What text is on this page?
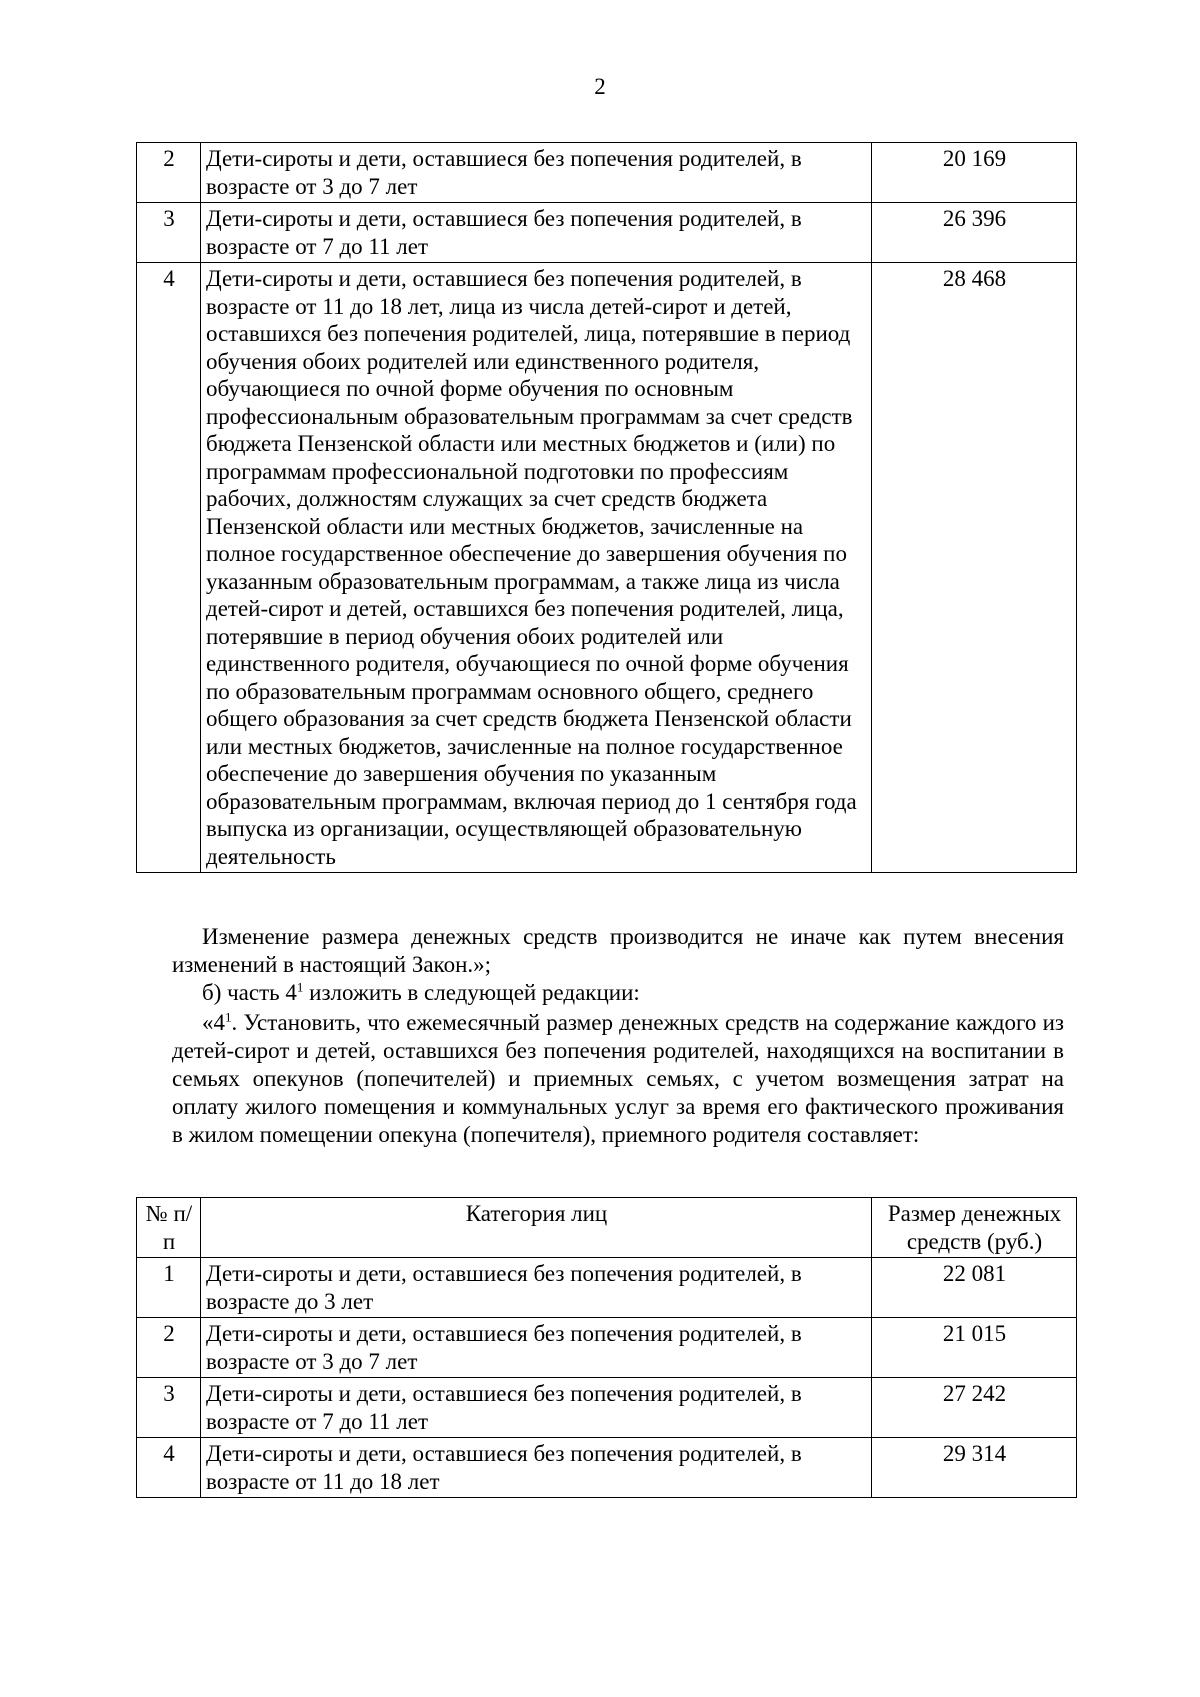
2
2	Дети-сироты и дети, оставшиеся без попечения родителей, в возрасте от 3 до 7 лет	20 169
3	Дети-сироты и дети, оставшиеся без попечения родителей, в возрасте от 7 до 11 лет	26 396
4	Дети-сироты и дети, оставшиеся без попечения родителей, в возрасте от 11 до 18 лет, лица из числа детей-сирот и детей, оставшихся без попечения родителей, лица, потерявшие в период обучения обоих родителей или единственного родителя, обучающиеся по очной форме обучения по основным профессиональным образовательным программам за счет средств бюджета Пензенской области или местных бюджетов и (или) по программам профессиональной подготовки по профессиям рабочих, должностям служащих за счет средств бюджета Пензенской области или местных бюджетов, зачисленные на полное государственное обеспечение до завершения обучения по указанным образовательным программам, а также лица из числа детей-сирот и детей, оставшихся без попечения родителей, лица, потерявшие в период обучения обоих родителей или единственного родителя, обучающиеся по очной форме обучения по образовательным программам основного общего, среднего общего образования за счет средств бюджета Пензенской области или местных бюджетов, зачисленные на полное государственное обеспечение до завершения обучения по указанным образовательным программам, включая период до 1 сентября года выпуска из организации, осуществляющей образовательную деятельность	28 468

Изменение размера денежных средств производится не иначе как путем внесения изменений в настоящий Закон.»;

б) часть $4^1$ изложить в следующей редакции:

«$4^1$. Установить, что ежемесячный размер денежных средств на содержание каждого из детей-сирот и детей, оставшихся без попечения родителей, находящихся на воспитании в семьях опекунов (попечителей) и приемных семьях, с учетом возмещения затрат на оплату жилого помещения и коммунальных услуг за время его фактического проживания в жилом помещении опекуна (попечителя), приемного родителя составляет:

№ п/п	Категория лиц	Размер денежных средств (руб.)
1	Дети-сироты и дети, оставшиеся без попечения родителей, в возрасте до 3 лет	22 081
2	Дети-сироты и дети, оставшиеся без попечения родителей, в возрасте от 3 до 7 лет	21 015
3	Дети-сироты и дети, оставшиеся без попечения родителей, в возрасте от 7 до 11 лет	27 242
4	Дети-сироты и дети, оставшиеся без попечения родителей, в возрасте от 11 до 18 лет	29 314
